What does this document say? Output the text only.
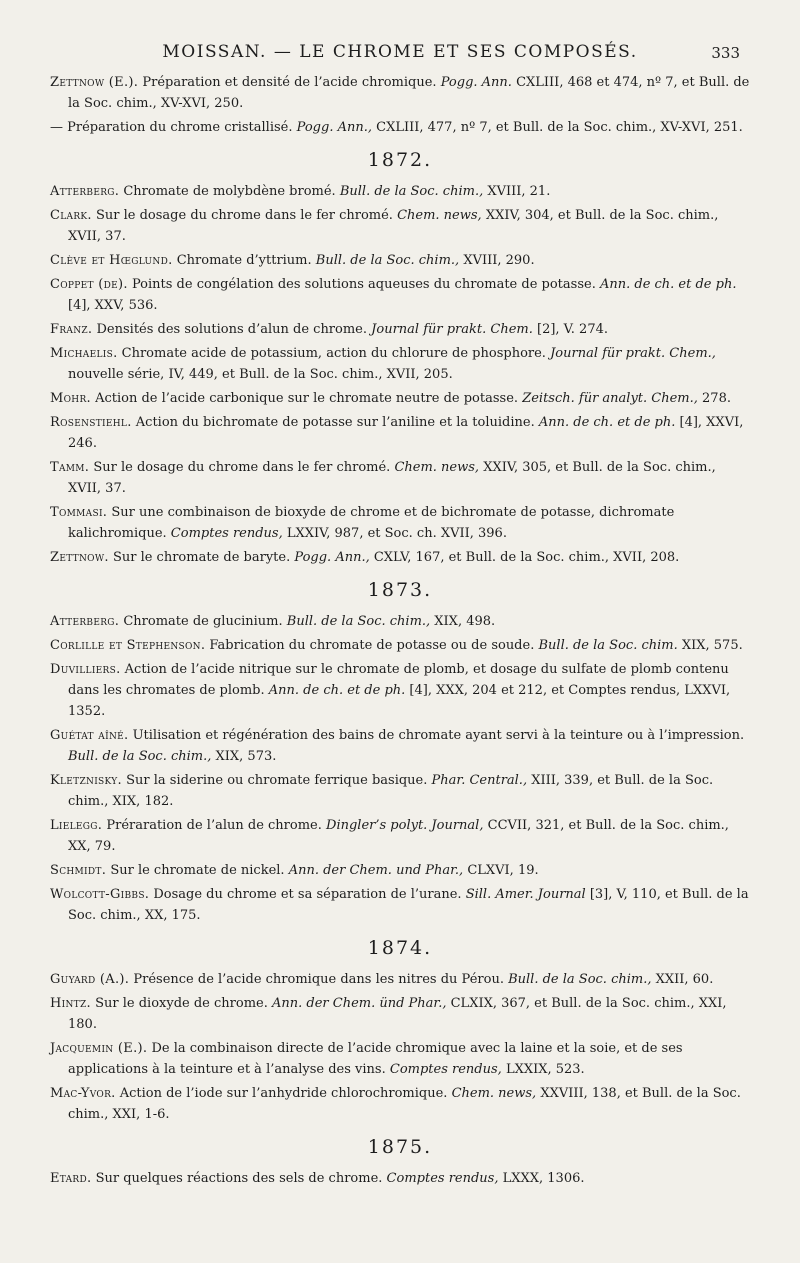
MOISSAN. — LE CHROME ET SES COMPOSÉS.	333

Zettnow (E.). Préparation et densité de l’acide chromique. Pogg. Ann. CXLIII, 468 et 474, nº 7, et Bull. de la Soc. chim., XV-XVI, 250.

— Préparation du chrome cristallisé. Pogg. Ann., CXLIII, 477, nº 7, et Bull. de la Soc. chim., XV-XVI, 251.

1872.

Atterberg. Chromate de molybdène bromé. Bull. de la Soc. chim., XVIII, 21.

Clark. Sur le dosage du chrome dans le fer chromé. Chem. news, XXIV, 304, et Bull. de la Soc. chim., XVII, 37.

Clève et Hœglund. Chromate d’yttrium. Bull. de la Soc. chim., XVIII, 290.

Coppet (de). Points de congélation des solutions aqueuses du chromate de potasse. Ann. de ch. et de ph. [4], XXV, 536.

Franz. Densités des solutions d’alun de chrome. Journal für prakt. Chem. [2], V. 274.

Michaelis. Chromate acide de potassium, action du chlorure de phosphore. Journal für prakt. Chem., nouvelle série, IV, 449, et Bull. de la Soc. chim., XVII, 205.

Mohr. Action de l’acide carbonique sur le chromate neutre de potasse. Zeitsch. für analyt. Chem., 278.

Rosenstiehl. Action du bichromate de potasse sur l’aniline et la toluidine. Ann. de ch. et de ph. [4], XXVI, 246.

Tamm. Sur le dosage du chrome dans le fer chromé. Chem. news, XXIV, 305, et Bull. de la Soc. chim., XVII, 37.

Tommasi. Sur une combinaison de bioxyde de chrome et de bichromate de potasse, dichromate kalichromique. Comptes rendus, LXXIV, 987, et Soc. ch. XVII, 396.

Zettnow. Sur le chromate de baryte. Pogg. Ann., CXLV, 167, et Bull. de la Soc. chim., XVII, 208.

1873.

Atterberg. Chromate de glucinium. Bull. de la Soc. chim., XIX, 498.

Corlille et Stephenson. Fabrication du chromate de potasse ou de soude. Bull. de la Soc. chim. XIX, 575.

Duvilliers. Action de l’acide nitrique sur le chromate de plomb, et dosage du sulfate de plomb contenu dans les chromates de plomb. Ann. de ch. et de ph. [4], XXX, 204 et 212, et Comptes rendus, LXXVI, 1352.

Guétat aîné. Utilisation et régénération des bains de chromate ayant servi à la teinture ou à l’impression. Bull. de la Soc. chim., XIX, 573.

Kletznisky. Sur la siderine ou chromate ferrique basique. Phar. Central., XIII, 339, et Bull. de la Soc. chim., XIX, 182.

Lielegg. Préraration de l’alun de chrome. Dingler’s polyt. Journal, CCVII, 321, et Bull. de la Soc. chim., XX, 79.

Schmidt. Sur le chromate de nickel. Ann. der Chem. und Phar., CLXVI, 19.

Wolcott-Gibbs. Dosage du chrome et sa séparation de l’urane. Sill. Amer. Journal [3], V, 110, et Bull. de la Soc. chim., XX, 175.

1874.

Guyard (A.). Présence de l’acide chromique dans les nitres du Pérou. Bull. de la Soc. chim., XXII, 60.

Hintz. Sur le dioxyde de chrome. Ann. der Chem. ünd Phar., CLXIX, 367, et Bull. de la Soc. chim., XXI, 180.

Jacquemin (E.). De la combinaison directe de l’acide chromique avec la laine et la soie, et de ses applications à la teinture et à l’analyse des vins. Comptes rendus, LXXIX, 523.

Mac-Yvor. Action de l’iode sur l’anhydride chlorochromique. Chem. news, XXVIII, 138, et Bull. de la Soc. chim., XXI, 1-6.

1875.

Etard. Sur quelques réactions des sels de chrome. Comptes rendus, LXXX, 1306.
